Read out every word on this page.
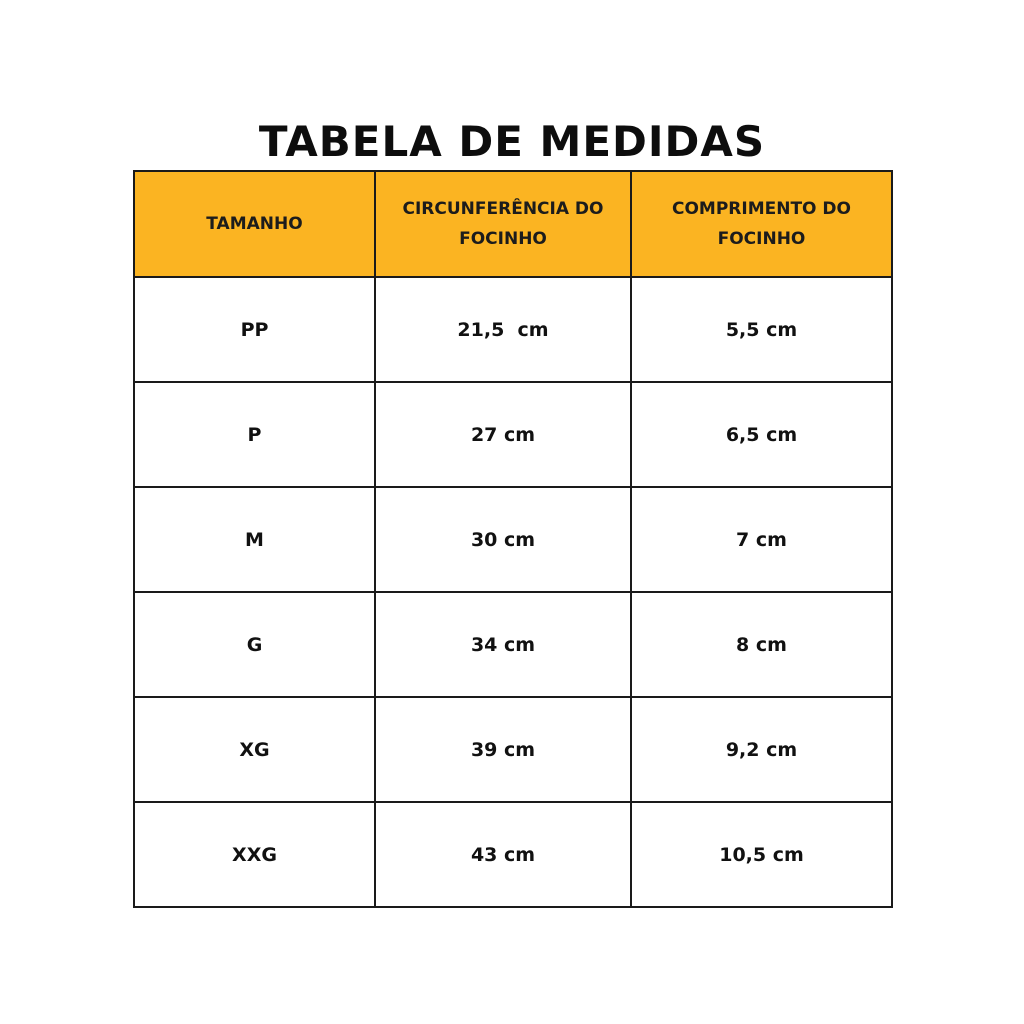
TABELA DE MEDIDAS
TAMANHO	CIRCUNFERÊNCIA DO FOCINHO	COMPRIMENTO DO FOCINHO
PP	21,5  cm	5,5 cm
P	27 cm	6,5 cm
M	30 cm	7 cm
G	34 cm	8 cm
XG	39 cm	9,2 cm
XXG	43 cm	10,5 cm
